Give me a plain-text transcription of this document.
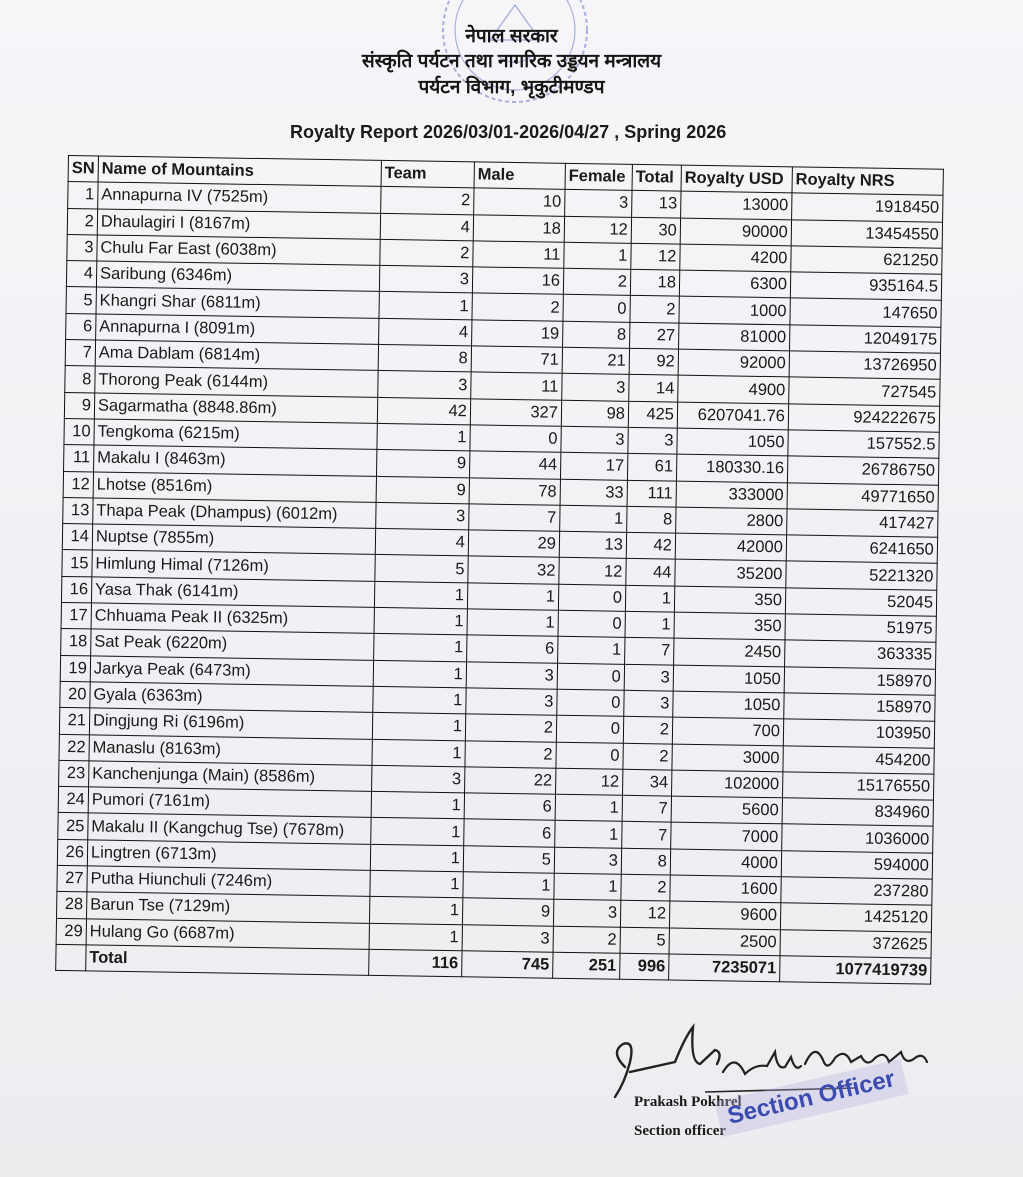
नेपाल सरकार
संस्कृति पर्यटन तथा नागरिक उड्डयन मन्त्रालय
पर्यटन विभाग, भृकुटीमण्डप
Royalty Report 2026/03/01-2026/04/27 , Spring 2026
SN	Name of Mountains	Team	Male	Female	Total	Royalty USD	Royalty NRS
1	Annapurna IV (7525m)	2	10	3	13	13000	1918450
2	Dhaulagiri I (8167m)	4	18	12	30	90000	13454550
3	Chulu Far East (6038m)	2	11	1	12	4200	621250
4	Saribung (6346m)	3	16	2	18	6300	935164.5
5	Khangri Shar (6811m)	1	2	0	2	1000	147650
6	Annapurna I (8091m)	4	19	8	27	81000	12049175
7	Ama Dablam (6814m)	8	71	21	92	92000	13726950
8	Thorong Peak (6144m)	3	11	3	14	4900	727545
9	Sagarmatha (8848.86m)	42	327	98	425	6207041.76	924222675
10	Tengkoma (6215m)	1	0	3	3	1050	157552.5
11	Makalu I (8463m)	9	44	17	61	180330.16	26786750
12	Lhotse (8516m)	9	78	33	111	333000	49771650
13	Thapa Peak (Dhampus) (6012m)	3	7	1	8	2800	417427
14	Nuptse (7855m)	4	29	13	42	42000	6241650
15	Himlung Himal (7126m)	5	32	12	44	35200	5221320
16	Yasa Thak (6141m)	1	1	0	1	350	52045
17	Chhuama Peak II (6325m)	1	1	0	1	350	51975
18	Sat Peak (6220m)	1	6	1	7	2450	363335
19	Jarkya Peak (6473m)	1	3	0	3	1050	158970
20	Gyala (6363m)	1	3	0	3	1050	158970
21	Dingjung Ri (6196m)	1	2	0	2	700	103950
22	Manaslu (8163m)	1	2	0	2	3000	454200
23	Kanchenjunga (Main) (8586m)	3	22	12	34	102000	15176550
24	Pumori (7161m)	1	6	1	7	5600	834960
25	Makalu II (Kangchug Tse) (7678m)	1	6	1	7	7000	1036000
26	Lingtren (6713m)	1	5	3	8	4000	594000
27	Putha Hiunchuli (7246m)	1	1	1	2	1600	237280
28	Barun Tse (7129m)	1	9	3	12	9600	1425120
29	Hulang Go (6687m)	1	3	2	5	2500	372625
	Total	116	745	251	996	7235071	1077419739
Prakash Pokhrel
Section officer
Section Officer
